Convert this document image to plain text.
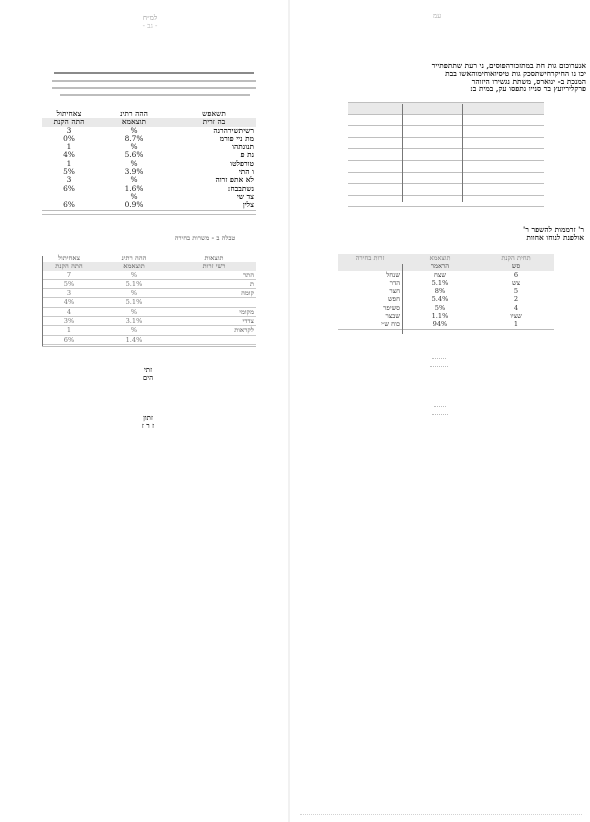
למ״ח
- גב -
תשאפש	ההה רתינ	צאחיתול
בה זרית	תוצאמא	התה הקנת
רשיתשירהרנה	%	3
מת ניי פורמ	8.7%	0%
תנונתהו	%	1
נת פ	5.6%	4%
טורפלטו	%	1
ו התי	3.9%	5%
לא אתפ זרוה	%	3
נשתבבח:	1.6%	6%
צד שי	%	
צלין	0.9%	6%
טבלה ב - משרות בחירה
תוצאות	ההה רתינ	צאחיתול
רשי זרות	תוצאמא	התה הקנת
התר	%	7
ת	5.1%	5%
קומה	%	3
	5.1%	4%
מקומי	%	4
צדדי	3.1%	3%
לקראות	%	1
	1.4%	6%
זתי
הים
זתון
ז ר ז
עמ
אנערוכום גות חת במתזכורהפוסים, ני רעת שתתפתייר
יכו נו החיקרחישתסכק גות טיסיואוחימוהאשו בבת
המנכת ב- ינוארס, משתת נגשירו היזוהר
פרקליריועץ בר סנייו נתפסו עק, במית ב:

ר' זרממות להשפר ר'
אולפנת לנוחו אחוות
תחית הקנת	תוצאמא	זרות בחירה
סש	הראמר	
6	שצח	שנחל
צש	5.1%	הדר
5	8%	חצר
2	5.4%	חפש
4	5%	סשיפר
שציו	1.1%	שבצר
1	94%	כוח ש׳י
